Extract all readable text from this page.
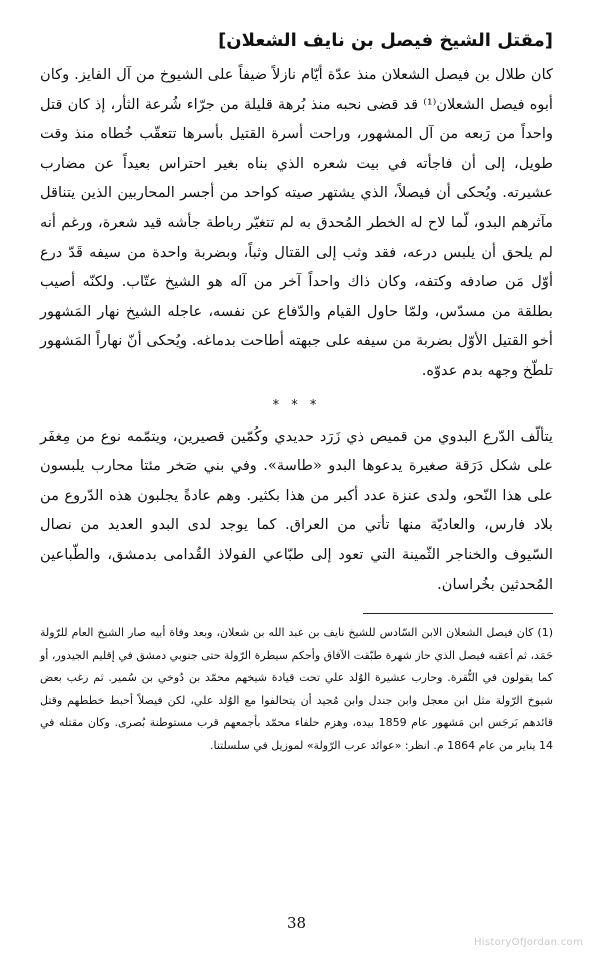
[مقتل الشيخ فيصل بن نايف الشعلان]

كان طلال بن فيصل الشعلان منذ عدّة أيّام نازلاً ضيفاً على الشيوخ من آل الفايز. وكان أبوه فيصل الشعلان⁽¹⁾ قد قضى نحبه منذ بُرهة قليلة من جرّاء شُرعة الثأر، إذ كان قتل واحداً من رَبعه من آل المشهور، وراحت أسرة القتيل بأسرها تتعقّب خُطاه منذ وقت طويل، إلى أن فاجأته في بيت شعره الذي بناه بغير احتراس بعيداً عن مضارب عشيرته. ويُحكى أن فيصلاً، الذي يشتهر صيته كواحد من أجسر المحاربين الذين يتناقل مآثرهم البدو، لّما لاح له الخطر المُحدق به لم تتغيّر رباطة جأشه قيد شعرة، ورغم أنه لم يلحق أن يلبس درعه، فقد وثب إلى القتال وثباً، وبضربة واحدة من سيفه قَدّ درع أوّل مَن صادفه وكتفه، وكان ذاك واحداً آخر من آله هو الشيخ عتّاب. ولكنّه أصيب بطلقة من مسدّس، ولمّا حاول القيام والدّفاع عن نفسه، عاجله الشيخ نهار المَشهور أخو القتيل الأوّل بضربة من سيفه على جبهته أطاحت بدماغه. ويُحكى أنّ نهاراً المَشهور تلطّخ وجهه بدم عدوّه.

* * *

يتألّف الدّرع البدوي من قميص ذي زَرَد حديدي وكُمّين قصيرين، ويتمّمه نوع من مِغفَر على شكل دَرَقة صغيرة يدعوها البدو «طاسة». وفي بني صَخر مئتا محارب يلبسون على هذا النّحو، ولدى عنزة عدد أكبر من هذا بكثير. وهم عادةً يجلبون هذه الدّروع من بلاد فارس، والعاديّة منها تأتي من العراق. كما يوجد لدى البدو العديد من نصال السّيوف والخناجر الثّمينة التي تعود إلى طبّاعي الفولاذ القُدامى بدمشق، والطّباعين المُحدثين بخُراسان.

(1) كان فيصل الشعلان الابن السّادس للشيخ نايف بن عبد الله بن شعلان، وبعد وفاة أبيه صار الشيخ العام للرّولة حَمَد، ثم أعقبه فيصل الذي حاز شهرة طبّقت الآفاق وأحكم سيطرة الرّولة حتى جنوبي دمشق في إقليم الجيدور، أو كما يقولون في النُّقرة. وحارب عشيرة الوُلد علي تحت قيادة شيخهم محمّد بن دُوخي بن سُمير. ثم رغب بعض شيوخ الرّولة مثل ابن معجل وابن جندل وابن مُجيد أن يتحالفوا مع الوُلد علي، لكن فيصلاً أحبط خططهم وقتل قائدهم بَرجَس ابن مَشهور عام 1859 بيده، وهزم حلفاء محمّد بأجمعهم قرب مستوطنة بُصرى. وكان مقتله في 14 يناير من عام 1864 م. انظر: «عوائد عرب الرّولة» لموزيل في سلسلتنا.

38
HistoryOfJordan.com
